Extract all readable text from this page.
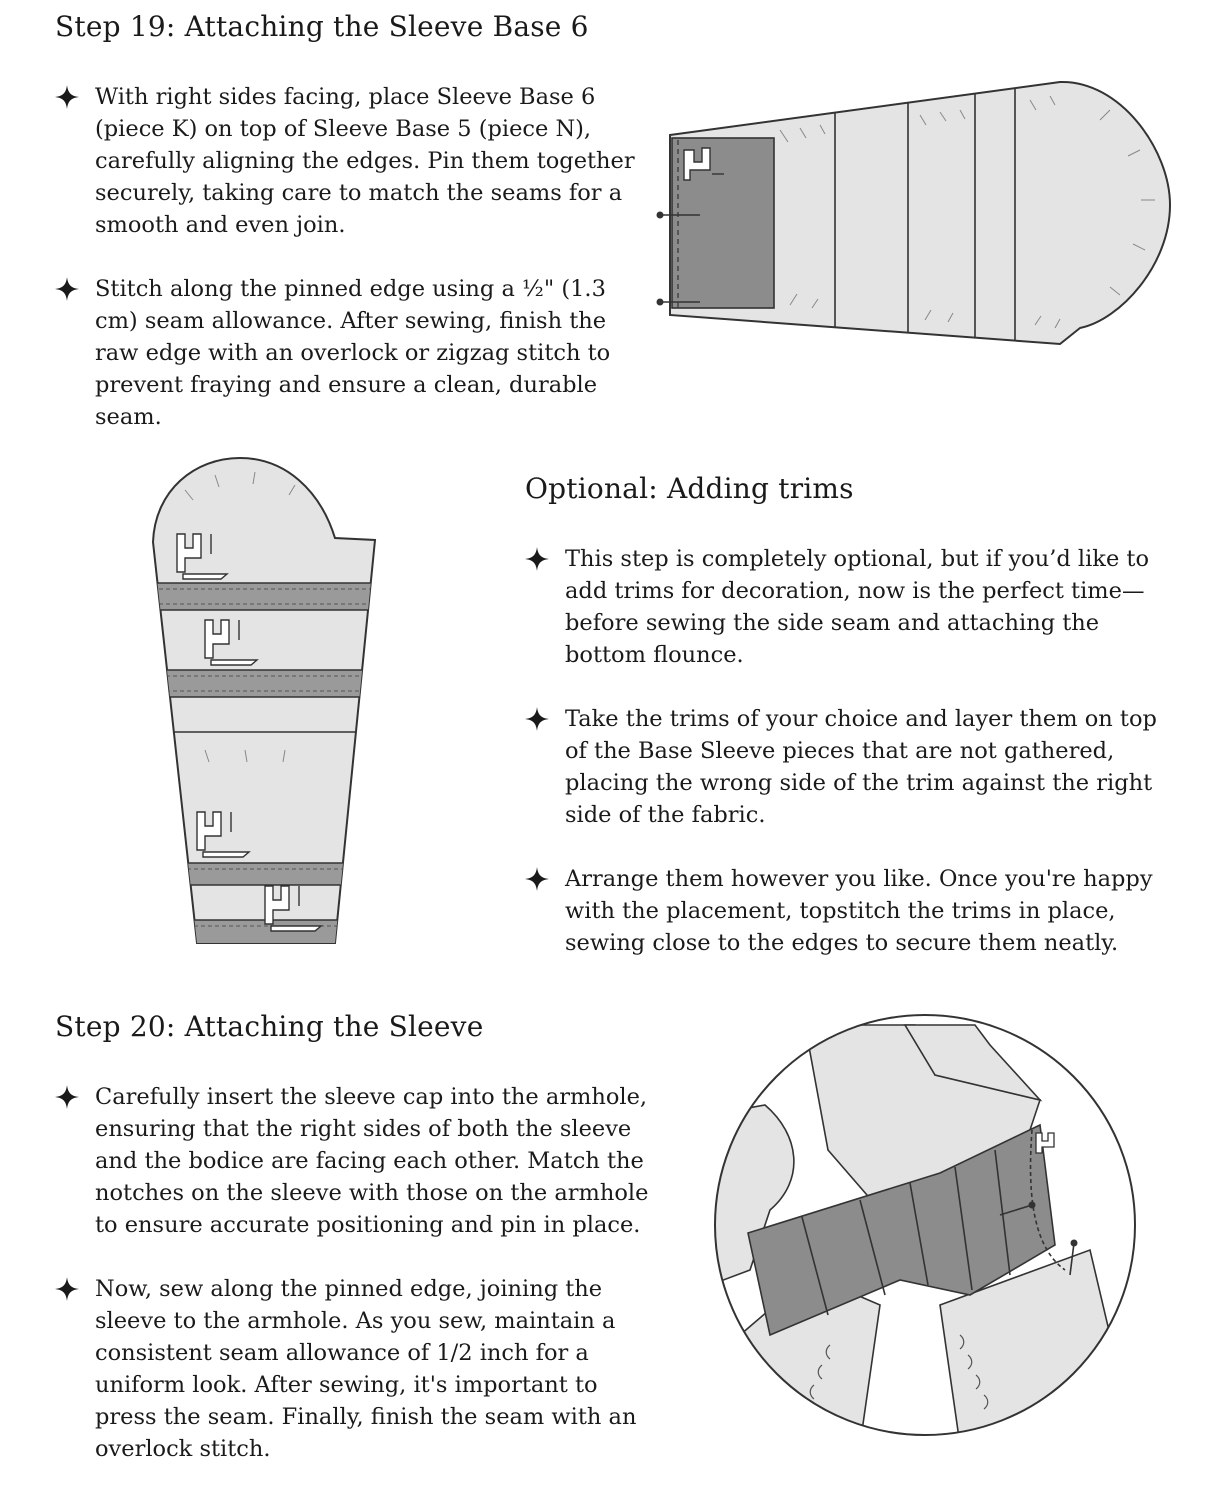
Step 19: Attaching the Sleeve Base 6
With right sides facing, place Sleeve Base 6 (piece K) on top of Sleeve Base 5 (piece N), carefully aligning the edges. Pin them together securely, taking care to match the seams for a smooth and even join.
Stitch along the pinned edge using a ½" (1.3 cm) seam allowance. After sewing, finish the raw edge with an overlock or zigzag stitch to prevent fraying and ensure a clean, durable seam.
Optional: Adding trims
This step is completely optional, but if you’d like to add trims for decoration, now is the perfect time—before sewing the side seam and attaching the bottom flounce.
Take the trims of your choice and layer them on top of the Base Sleeve pieces that are not gathered, placing the wrong side of the trim against the right side of the fabric.
Arrange them however you like. Once you're happy with the placement, topstitch the trims in place, sewing close to the edges to secure them neatly.
Step 20: Attaching the Sleeve
Carefully insert the sleeve cap into the armhole, ensuring that the right sides of both the sleeve and the bodice are facing each other. Match the notches on the sleeve with those on the armhole to ensure accurate positioning and pin in place.
Now, sew along the pinned edge, joining the sleeve to the armhole. As you sew, maintain a consistent seam allowance of 1/2 inch for a uniform look. After sewing, it's important to press the seam. Finally, finish the seam with an overlock stitch.
